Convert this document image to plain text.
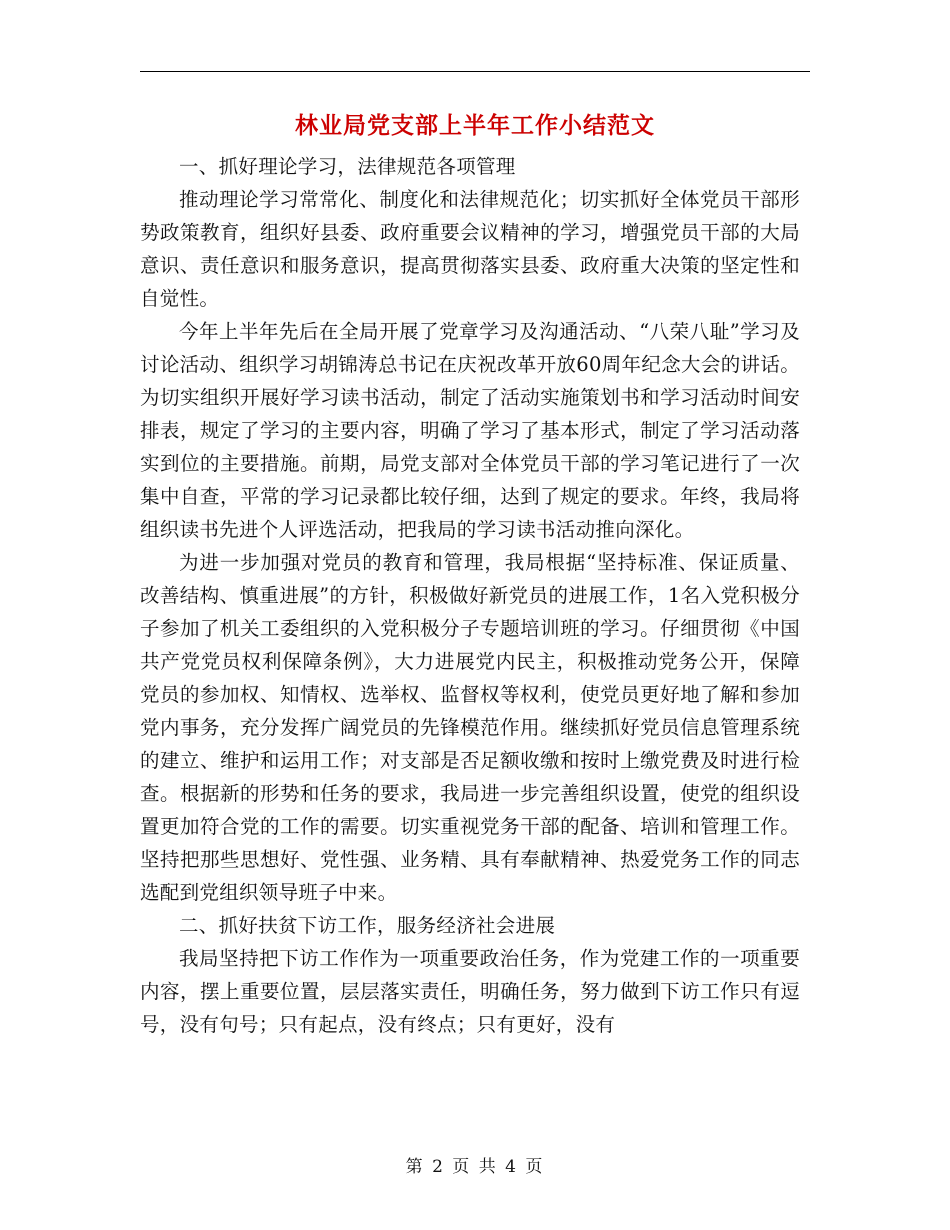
林业局党支部上半年工作小结范文

一、抓好理论学习，法律规范各项管理

推动理论学习常常化、制度化和法律规范化；切实抓好全体党员干部形势政策教育，组织好县委、政府重要会议精神的学习，增强党员干部的大局意识、责任意识和服务意识，提高贯彻落实县委、政府重大决策的坚定性和自觉性。

今年上半年先后在全局开展了党章学习及沟通活动、“八荣八耻”学习及讨论活动、组织学习胡锦涛总书记在庆祝改革开放60周年纪念大会的讲话。为切实组织开展好学习读书活动，制定了活动实施策划书和学习活动时间安排表，规定了学习的主要内容，明确了学习了基本形式，制定了学习活动落实到位的主要措施。前期，局党支部对全体党员干部的学习笔记进行了一次集中自查，平常的学习记录都比较仔细，达到了规定的要求。年终，我局将组织读书先进个人评选活动，把我局的学习读书活动推向深化。

为进一步加强对党员的教育和管理，我局根据“坚持标准、保证质量、改善结构、慎重进展”的方针，积极做好新党员的进展工作，1名入党积极分子参加了机关工委组织的入党积极分子专题培训班的学习。仔细贯彻《中国共产党党员权利保障条例》，大力进展党内民主，积极推动党务公开，保障党员的参加权、知情权、选举权、监督权等权利，使党员更好地了解和参加党内事务，充分发挥广阔党员的先锋模范作用。继续抓好党员信息管理系统的建立、维护和运用工作；对支部是否足额收缴和按时上缴党费及时进行检查。根据新的形势和任务的要求，我局进一步完善组织设置，使党的组织设置更加符合党的工作的需要。切实重视党务干部的配备、培训和管理工作。坚持把那些思想好、党性强、业务精、具有奉献精神、热爱党务工作的同志选配到党组织领导班子中来。

二、抓好扶贫下访工作，服务经济社会进展

我局坚持把下访工作作为一项重要政治任务，作为党建工作的一项重要内容，摆上重要位置，层层落实责任，明确任务，努力做到下访工作只有逗号，没有句号；只有起点，没有终点；只有更好，没有

第 2 页 共 4 页
